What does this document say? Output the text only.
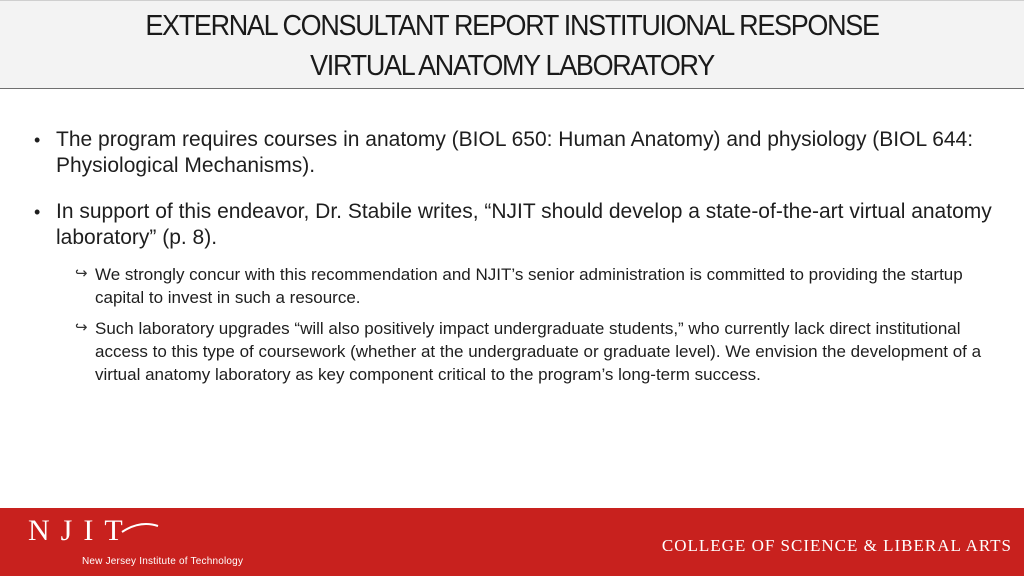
EXTERNAL CONSULTANT REPORT INSTITUIONAL RESPONSE
VIRTUAL ANATOMY LABORATORY
• The program requires courses in anatomy (BIOL 650: Human Anatomy) and physiology (BIOL 644: Physiological Mechanisms).
• In support of this endeavor, Dr. Stabile writes, “NJIT should develop a state-of-the-art virtual anatomy laboratory” (p. 8).
↪ We strongly concur with this recommendation and NJIT’s senior administration is committed to providing the startup capital to invest in such a resource.
↪ Such laboratory upgrades “will also positively impact undergraduate students,” who currently lack direct institutional access to this type of coursework (whether at the undergraduate or graduate level). We envision the development of a virtual anatomy laboratory as key component critical to the program’s long-term success.
NJIT
New Jersey Institute of Technology
COLLEGE OF SCIENCE & LIBERAL ARTS
